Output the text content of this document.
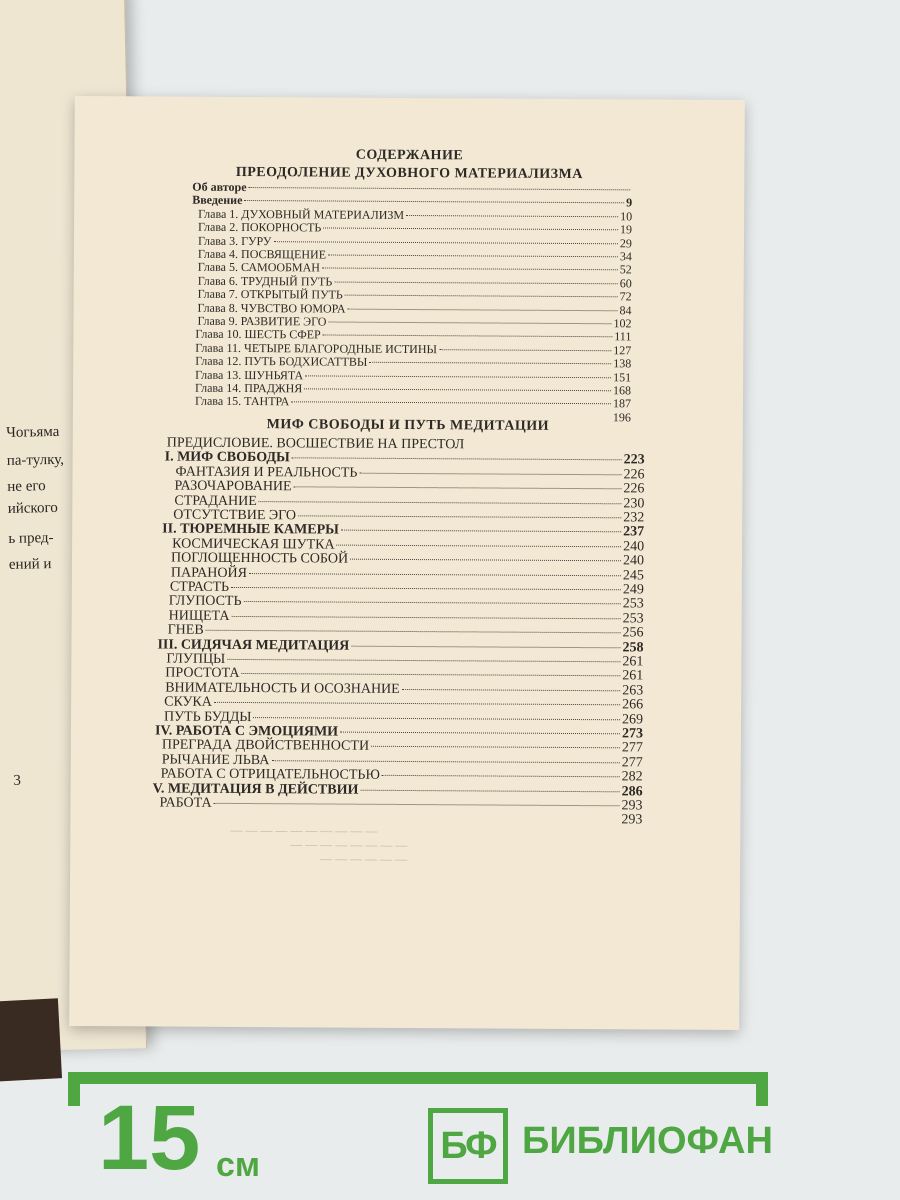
Чогьяма
па-тулку,
не его
ийского
ь пред-
ений и
3
СОДЕРЖАНИЕ
ПРЕОДОЛЕНИЕ ДУХОВНОГО МАТЕРИАЛИЗМА
Об авторе
Введение	9
Глава 1. ДУХОВНЫЙ МАТЕРИАЛИЗМ	10
Глава 2. ПОКОРНОСТЬ	19
Глава 3. ГУРУ	29
Глава 4. ПОСВЯЩЕНИЕ	34
Глава 5. САМООБМАН	52
Глава 6. ТРУДНЫЙ ПУТЬ	60
Глава 7. ОТКРЫТЫЙ ПУТЬ	72
Глава 8. ЧУВСТВО ЮМОРА	84
Глава 9. РАЗВИТИЕ ЭГО	102
Глава 10. ШЕСТЬ СФЕР	111
Глава 11. ЧЕТЫРЕ БЛАГОРОДНЫЕ ИСТИНЫ	127
Глава 12. ПУТЬ БОДХИСАТТВЫ	138
Глава 13. ШУНЬЯТА	151
Глава 14. ПРАДЖНЯ	168
Глава 15. ТАНТРА	187
196
МИФ СВОБОДЫ И ПУТЬ МЕДИТАЦИИ
ПРЕДИСЛОВИЕ. ВОСШЕСТВИЕ НА ПРЕСТОЛ
I. МИФ СВОБОДЫ	223
ФАНТАЗИЯ И РЕАЛЬНОСТЬ	226
РАЗОЧАРОВАНИЕ	226
СТРАДАНИЕ	230
ОТСУТСТВИЕ ЭГО	232
II. ТЮРЕМНЫЕ КАМЕРЫ	237
КОСМИЧЕСКАЯ ШУТКА	240
ПОГЛОЩЕННОСТЬ СОБОЙ	240
ПАРАНОЙЯ	245
СТРАСТЬ	249
ГЛУПОСТЬ	253
НИЩЕТА	253
ГНЕВ	256
III. СИДЯЧАЯ МЕДИТАЦИЯ	258
ГЛУПЦЫ	261
ПРОСТОТА	261
ВНИМАТЕЛЬНОСТЬ И ОСОЗНАНИЕ	263
СКУКА	266
ПУТЬ БУДДЫ	269
IV. РАБОТА С ЭМОЦИЯМИ	273
ПРЕГРАДА ДВОЙСТВЕННОСТИ	277
РЫЧАНИЕ ЛЬВА	277
РАБОТА С ОТРИЦАТЕЛЬНОСТЬЮ	282
V. МЕДИТАЦИЯ В ДЕЙСТВИИ	286
РАБОТА	293
293
— — — — — — — — — —
— — — — — — — —
— — — — — —
15 см	БФ БИБЛИОФАН
